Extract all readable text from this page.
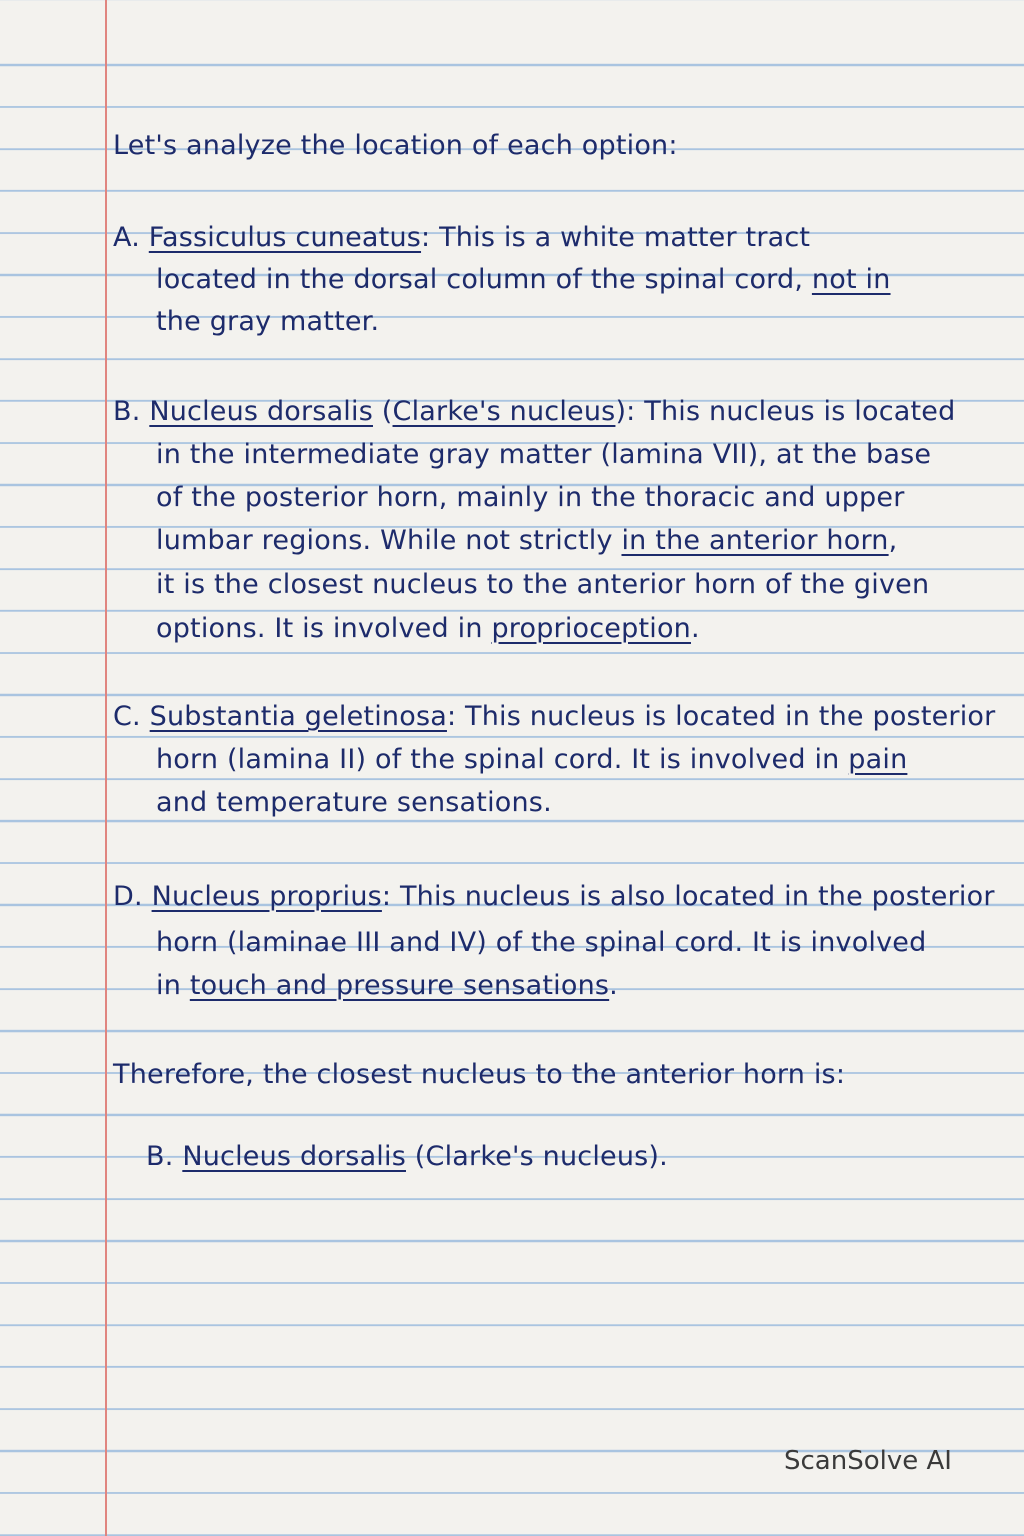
Let's analyze the location of each option:
A. Fassiculus cuneatus: This is a white matter tract
located in the dorsal column of the spinal cord, not in
the gray matter.
B. Nucleus dorsalis (Clarke's nucleus): This nucleus is located
in the intermediate gray matter (lamina VII), at the base
of the posterior horn, mainly in the thoracic and upper
lumbar regions. While not strictly in the anterior horn,
it is the closest nucleus to the anterior horn of the given
options. It is involved in proprioception.
C. Substantia geletinosa: This nucleus is located in the posterior
horn (lamina II) of the spinal cord. It is involved in pain
and temperature sensations.
D. Nucleus proprius: This nucleus is also located in the posterior
horn (laminae III and IV) of the spinal cord. It is involved
in touch and pressure sensations.
Therefore, the closest nucleus to the anterior horn is:
B. Nucleus dorsalis (Clarke's nucleus).
ScanSolve AI
